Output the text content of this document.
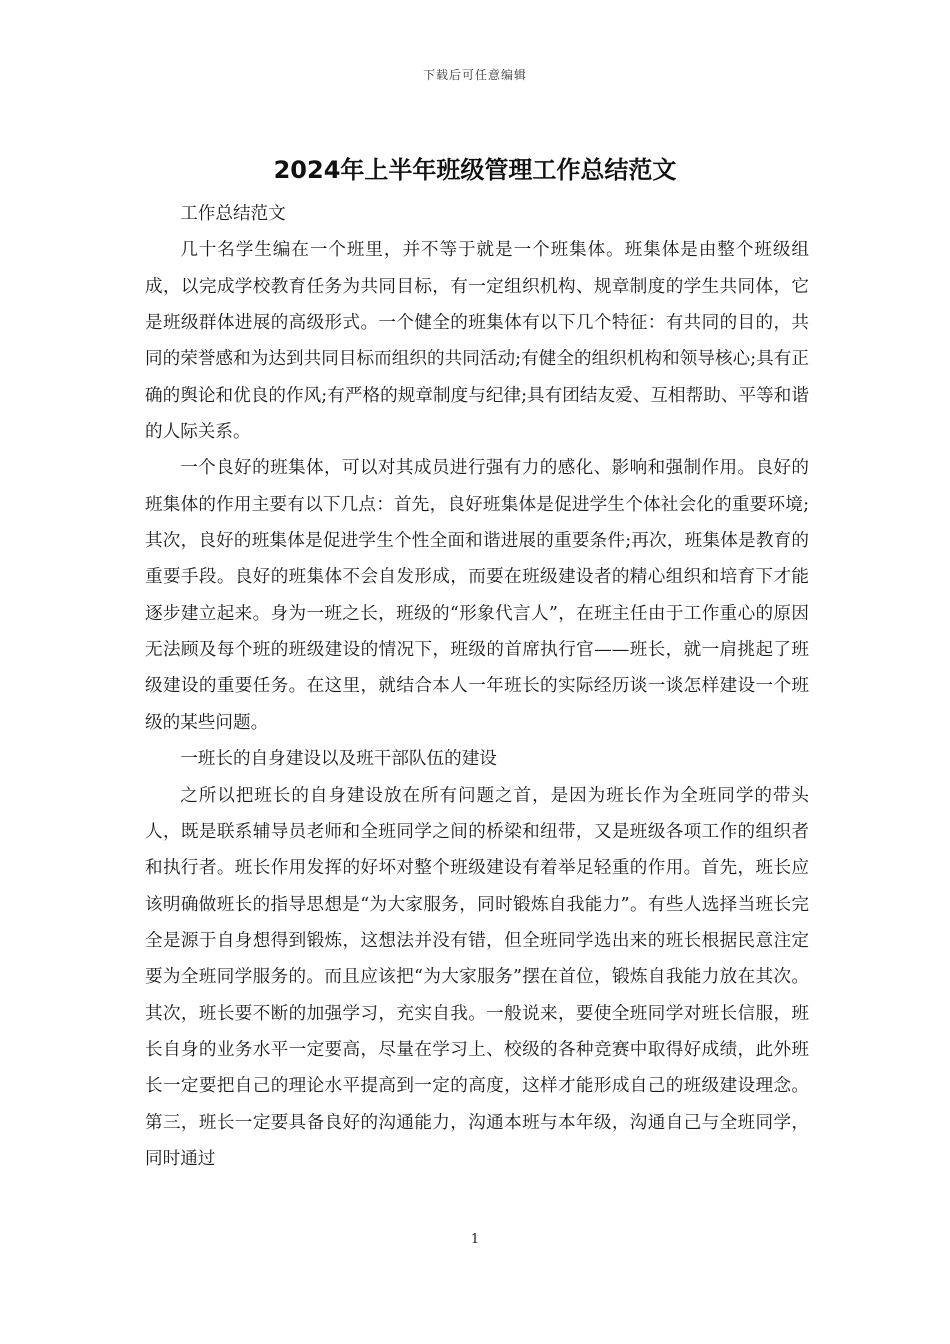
下载后可任意编辑
2024年上半年班级管理工作总结范文

工作总结范文

几十名学生编在一个班里，并不等于就是一个班集体。班集体是由整个班级组成，以完成学校教育任务为共同目标，有一定组织机构、规章制度的学生共同体，它是班级群体进展的高级形式。一个健全的班集体有以下几个特征：有共同的目的，共同的荣誉感和为达到共同目标而组织的共同活动;有健全的组织机构和领导核心;具有正确的舆论和优良的作风;有严格的规章制度与纪律;具有团结友爱、互相帮助、平等和谐的人际关系。

一个良好的班集体，可以对其成员进行强有力的感化、影响和强制作用。良好的班集体的作用主要有以下几点：首先，良好班集体是促进学生个体社会化的重要环境;其次，良好的班集体是促进学生个性全面和谐进展的重要条件;再次，班集体是教育的重要手段。良好的班集体不会自发形成，而要在班级建设者的精心组织和培育下才能逐步建立起来。身为一班之长，班级的“形象代言人”，在班主任由于工作重心的原因无法顾及每个班的班级建设的情况下，班级的首席执行官——班长，就一肩挑起了班级建设的重要任务。在这里，就结合本人一年班长的实际经历谈一谈怎样建设一个班级的某些问题。

一班长的自身建设以及班干部队伍的建设

之所以把班长的自身建设放在所有问题之首，是因为班长作为全班同学的带头人，既是联系辅导员老师和全班同学之间的桥梁和纽带，又是班级各项工作的组织者和执行者。班长作用发挥的好坏对整个班级建设有着举足轻重的作用。首先，班长应该明确做班长的指导思想是“为大家服务，同时锻炼自我能力”。有些人选择当班长完全是源于自身想得到锻炼，这想法并没有错，但全班同学选出来的班长根据民意注定要为全班同学服务的。而且应该把“为大家服务”摆在首位，锻炼自我能力放在其次。其次，班长要不断的加强学习，充实自我。一般说来，要使全班同学对班长信服，班长自身的业务水平一定要高，尽量在学习上、校级的各种竞赛中取得好成绩，此外班长一定要把自己的理论水平提高到一定的高度，这样才能形成自己的班级建设理念。第三，班长一定要具备良好的沟通能力，沟通本班与本年级，沟通自己与全班同学，同时通过

1
